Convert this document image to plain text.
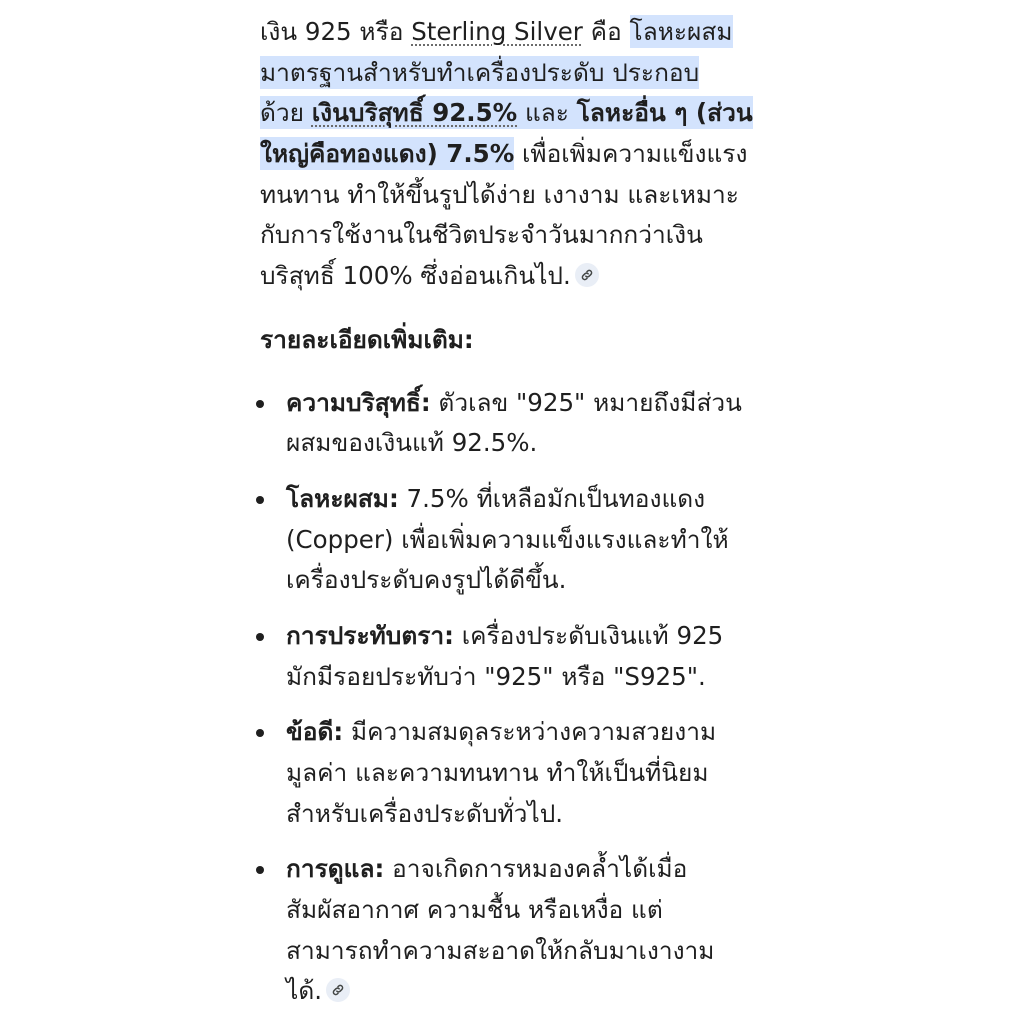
เงิน 925 หรือ Sterling Silver คือ โลหะผสม
มาตรฐานสำหรับทำเครื่องประดับ ประกอบ
ด้วย เงินบริสุทธิ์ 92.5% และ โลหะอื่น ๆ (ส่วน
ใหญ่คือทองแดง) 7.5% เพื่อเพิ่มความแข็งแรง
ทนทาน ทำให้ขึ้นรูปได้ง่าย เงางาม และเหมาะ
กับการใช้งานในชีวิตประจำวันมากกว่าเงิน
บริสุทธิ์ 100% ซึ่งอ่อนเกินไป.
รายละเอียดเพิ่มเติม:
ความบริสุทธิ์: ตัวเลข "925" หมายถึงมีส่วน
ผสมของเงินแท้ 92.5%.
โลหะผสม: 7.5% ที่เหลือมักเป็นทองแดง
(Copper) เพื่อเพิ่มความแข็งแรงและทำให้
เครื่องประดับคงรูปได้ดีขึ้น.
การประทับตรา: เครื่องประดับเงินแท้ 925
มักมีรอยประทับว่า "925" หรือ "S925".
ข้อดี: มีความสมดุลระหว่างความสวยงาม
มูลค่า และความทนทาน ทำให้เป็นที่นิยม
สำหรับเครื่องประดับทั่วไป.
การดูแล: อาจเกิดการหมองคล้ำได้เมื่อ
สัมผัสอากาศ ความชื้น หรือเหงื่อ แต่
สามารถทำความสะอาดให้กลับมาเงางาม
ได้.
